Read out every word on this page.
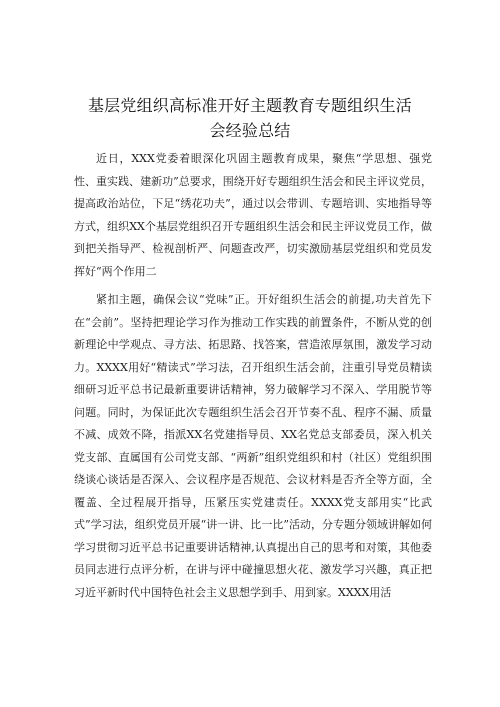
基层党组织高标准开好主题教育专题组织生活
会经验总结

近日，XXX党委着眼深化巩固主题教育成果，聚焦“学思想、强党性、重实践、建新功”总要求，围绕开好专题组织生活会和民主评议党员，提高政治站位，下足“绣花功夫”，通过以会带训、专题培训、实地指导等方式，组织XX个基层党组织召开专题组织生活会和民主评议党员工作，做到把关指导严、检视剖析严、问题查改严，切实激励基层党组织和党员发挥好“两个作用二

紧扣主题，确保会议“党味”正。开好组织生活会的前提,功夫首先下在“会前”。坚持把理论学习作为推动工作实践的前置条件，不断从党的创新理论中学观点、寻方法、拓思路、找答案，营造浓厚氛围，激发学习动力。XXXX用好“精读式”学习法，召开组织生活会前，注重引导党员精读细研习近平总书记最新重要讲话精神，努力破解学习不深入、学用脱节等问题。同时，为保证此次专题组织生活会召开节奏不乱、程序不漏、质量不减、成效不降，指派XX名党建指导员、XX名党总支部委员，深入机关党支部、直属国有公司党支部、“两新”组织党组织和村（社区）党组织围绕谈心谈话是否深入、会议程序是否规范、会议材料是否齐全等方面，全覆盖、全过程展开指导，压紧压实党建责任。XXXX党支部用实“比武式”学习法，组织党员开展“讲一讲、比一比”活动，分专题分领域讲解如何学习贯彻习近平总书记重要讲话精神,认真提出自己的思考和对策，其他委员同志进行点评分析，在讲与评中碰撞思想火花、激发学习兴趣，真正把习近平新时代中国特色社会主义思想学到手、用到家。XXXX用活
